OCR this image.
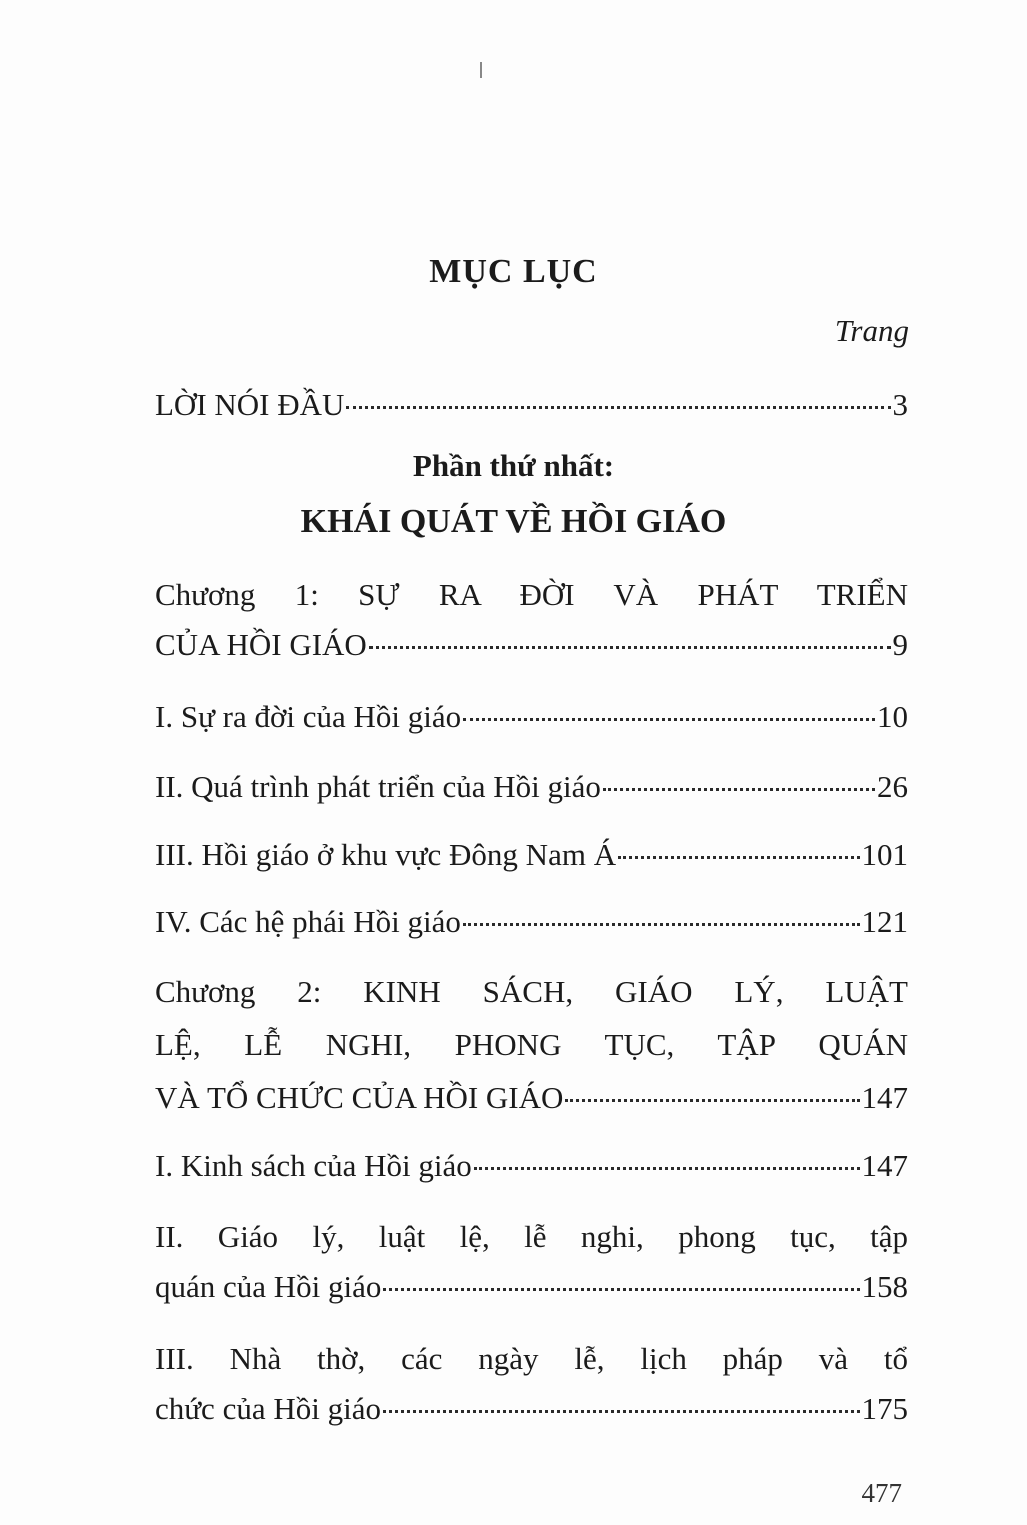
MỤC LỤC
Trang
LỜI NÓI ĐẦU	3
Phần thứ nhất:
KHÁI QUÁT VỀ HỒI GIÁO
Chương 1: SỰ RA ĐỜI VÀ PHÁT TRIỂN
CỦA HỒI GIÁO	9
I. Sự ra đời của Hồi giáo	10
II. Quá trình phát triển của Hồi giáo	26
III. Hồi giáo ở khu vực Đông Nam Á	101
IV. Các hệ phái Hồi giáo	121
Chương 2: KINH SÁCH, GIÁO LÝ, LUẬT
LỆ, LỄ NGHI, PHONG TỤC, TẬP QUÁN
VÀ TỔ CHỨC CỦA HỒI GIÁO	147
I. Kinh sách của Hồi giáo	147
II. Giáo lý, luật lệ, lễ nghi, phong tục, tập
quán của Hồi giáo	158
III. Nhà thờ, các ngày lễ, lịch pháp và tổ
chức của Hồi giáo	175
477
